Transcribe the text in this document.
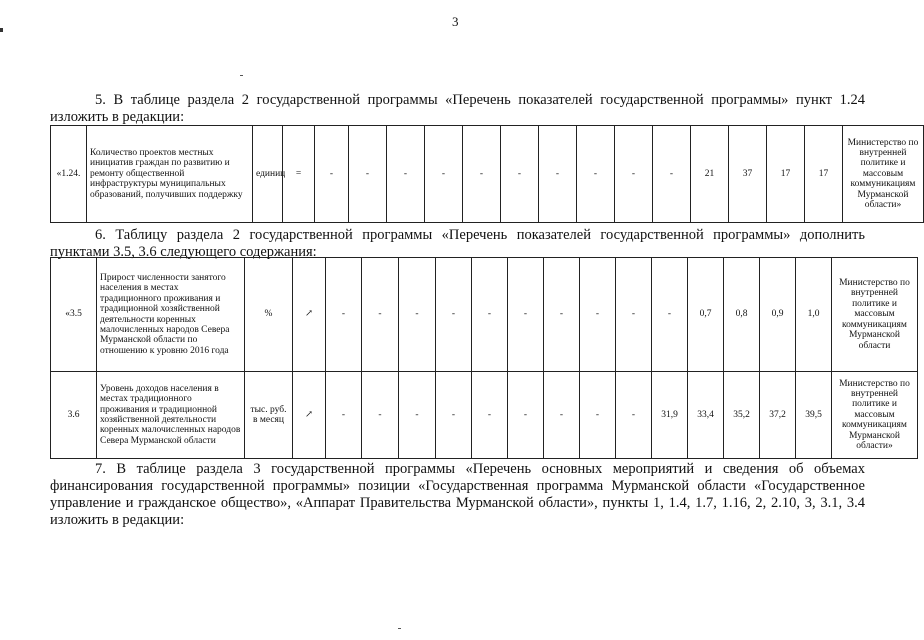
3
5. В таблице раздела 2 государственной программы «Перечень показателей государственной программы» пункт 1.24 изложить в редакции:
«1.24.	Количество проектов местных инициатив граждан по развитию и ремонту общественной инфраструктуры муниципальных образований, получивших поддержку	единиц	=	-	-	-	-	-	-	-	-	-	-	21	37	17	17	Министерство по внутренней политике и массовым коммуникациям Мурманской области»
6. Таблицу раздела 2 государственной программы «Перечень показателей государственной программы» дополнить пунктами 3.5, 3.6 следующего содержания:
«3.5	Прирост численности занятого населения в местах традиционного проживания и традиционной хозяйственной деятельности коренных малочисленных народов Севера Мурманской области по отношению к уровню 2016 года	%	↗	-	-	-	-	-	-	-	-	-	-	0,7	0,8	0,9	1,0	Министерство по внутренней политике и массовым коммуникациям Мурманской области
3.6	Уровень доходов населения в местах традиционного проживания и традиционной хозяйственной деятельности коренных малочисленных народов Севера Мурманской области	тыс. руб. в месяц	↗	-	-	-	-	-	-	-	-	-	31,9	33,4	35,2	37,2	39,5	Министерство по внутренней политике и массовым коммуникациям Мурманской области»
7. В таблице раздела 3 государственной программы «Перечень основных мероприятий и сведения об объемах финансирования государственной программы» позиции «Государственная программа Мурманской области «Государственное управление и гражданское общество», «Аппарат Правительства Мурманской области», пункты 1, 1.4, 1.7, 1.16, 2, 2.10, 3, 3.1, 3.4 изложить в редакции:
